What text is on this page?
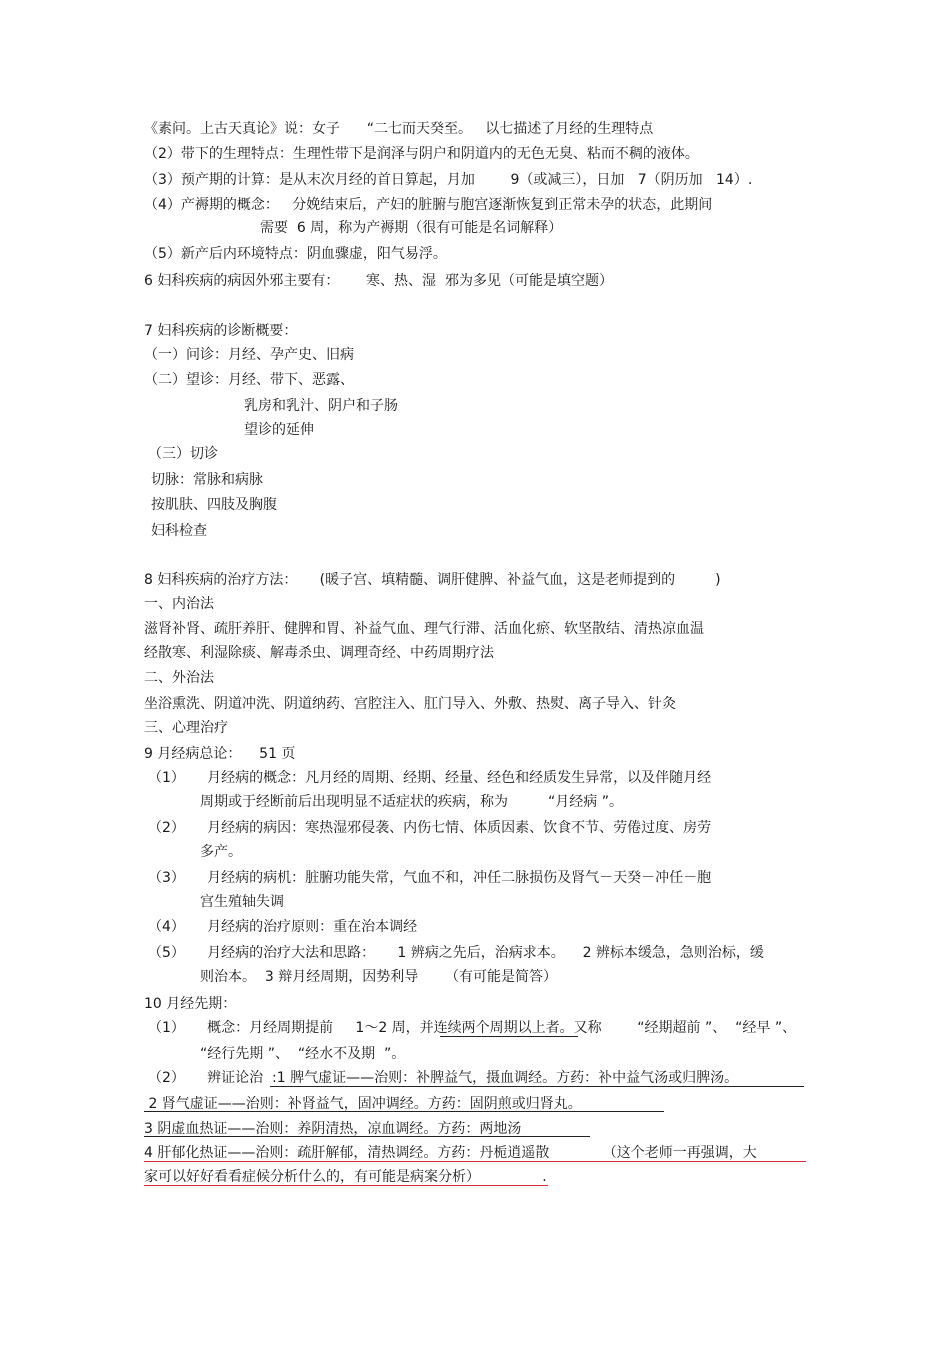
《素问。上古天真论》说：女子      “二七而天癸至。   以七描述了月经的生理特点
（2）带下的生理特点：生理性带下是润泽与阴户和阴道内的无色无臭、粘而不稠的液体。
（3）预产期的计算：是从末次月经的首日算起，月加        9（或减三），日加   7（阴历加   14）.
（4）产褥期的概念：   分娩结束后，产妇的脏腑与胞宫逐渐恢复到正常未孕的状态，此期间
需要  6 周，称为产褥期（很有可能是名词解释）
（5）新产后内环境特点：阴血骤虚，阳气易浮。
6 妇科疾病的病因外邪主要有：      寒、热、湿  邪为多见（可能是填空题）
7 妇科疾病的诊断概要：
（一）问诊：月经、孕产史、旧病
（二）望诊：月经、带下、恶露、
乳房和乳汁、阴户和子肠
望诊的延伸
（三）切诊
切脉：常脉和病脉
按肌肤、四肢及胸腹
妇科检查
8 妇科疾病的治疗方法：     (暖子宫、填精髓、调肝健脾、补益气血，这是老师提到的         )
一、内治法
滋肾补肾、疏肝养肝、健脾和胃、补益气血、理气行滞、活血化瘀、软坚散结、清热凉血温
经散寒、利湿除痰、解毒杀虫、调理奇经、中药周期疗法
二、外治法
坐浴熏洗、阴道冲洗、阴道纳药、宫腔注入、肛门导入、外敷、热熨、离子导入、针灸
三、心理治疗
9 月经病总论：    51 页
（1）     月经病的概念：凡月经的周期、经期、经量、经色和经质发生异常，以及伴随月经
周期或于经断前后出现明显不适症状的疾病，称为         “月经病 ”。
（2）     月经病的病因：寒热湿邪侵袭、内伤七情、体质因素、饮食不节、劳倦过度、房劳
多产。
（3）     月经病的病机：脏腑功能失常，气血不和，冲任二脉损伤及肾气－天癸－冲任－胞
宫生殖轴失调
（4）     月经病的治疗原则：重在治本调经
（5）     月经病的治疗大法和思路：     1 辨病之先后，治病求本。    2 辨标本缓急，急则治标，缓
则治本。  3 辩月经周期，因势利导      （有可能是简答）
10 月经先期：
（1）     概念：月经周期提前     1～2 周，并连续两个周期以上者。又称        “经期超前 ”、  “经早 ”、
“经行先期 ”、  “经水不及期  ”。
（2）     辨证论治  :1 脾气虚证——治则：补脾益气，摄血调经。方药：补中益气汤或归脾汤。
2 肾气虚证——治则：补肾益气，固冲调经。方药：固阴煎或归肾丸。
3 阴虚血热证——治则：养阴清热，凉血调经。方药：两地汤
4 肝郁化热证——治则：疏肝解郁，清热调经。方药：丹栀逍遥散            （这个老师一再强调，大
家可以好好看看症候分析什么的，有可能是病案分析）              .
